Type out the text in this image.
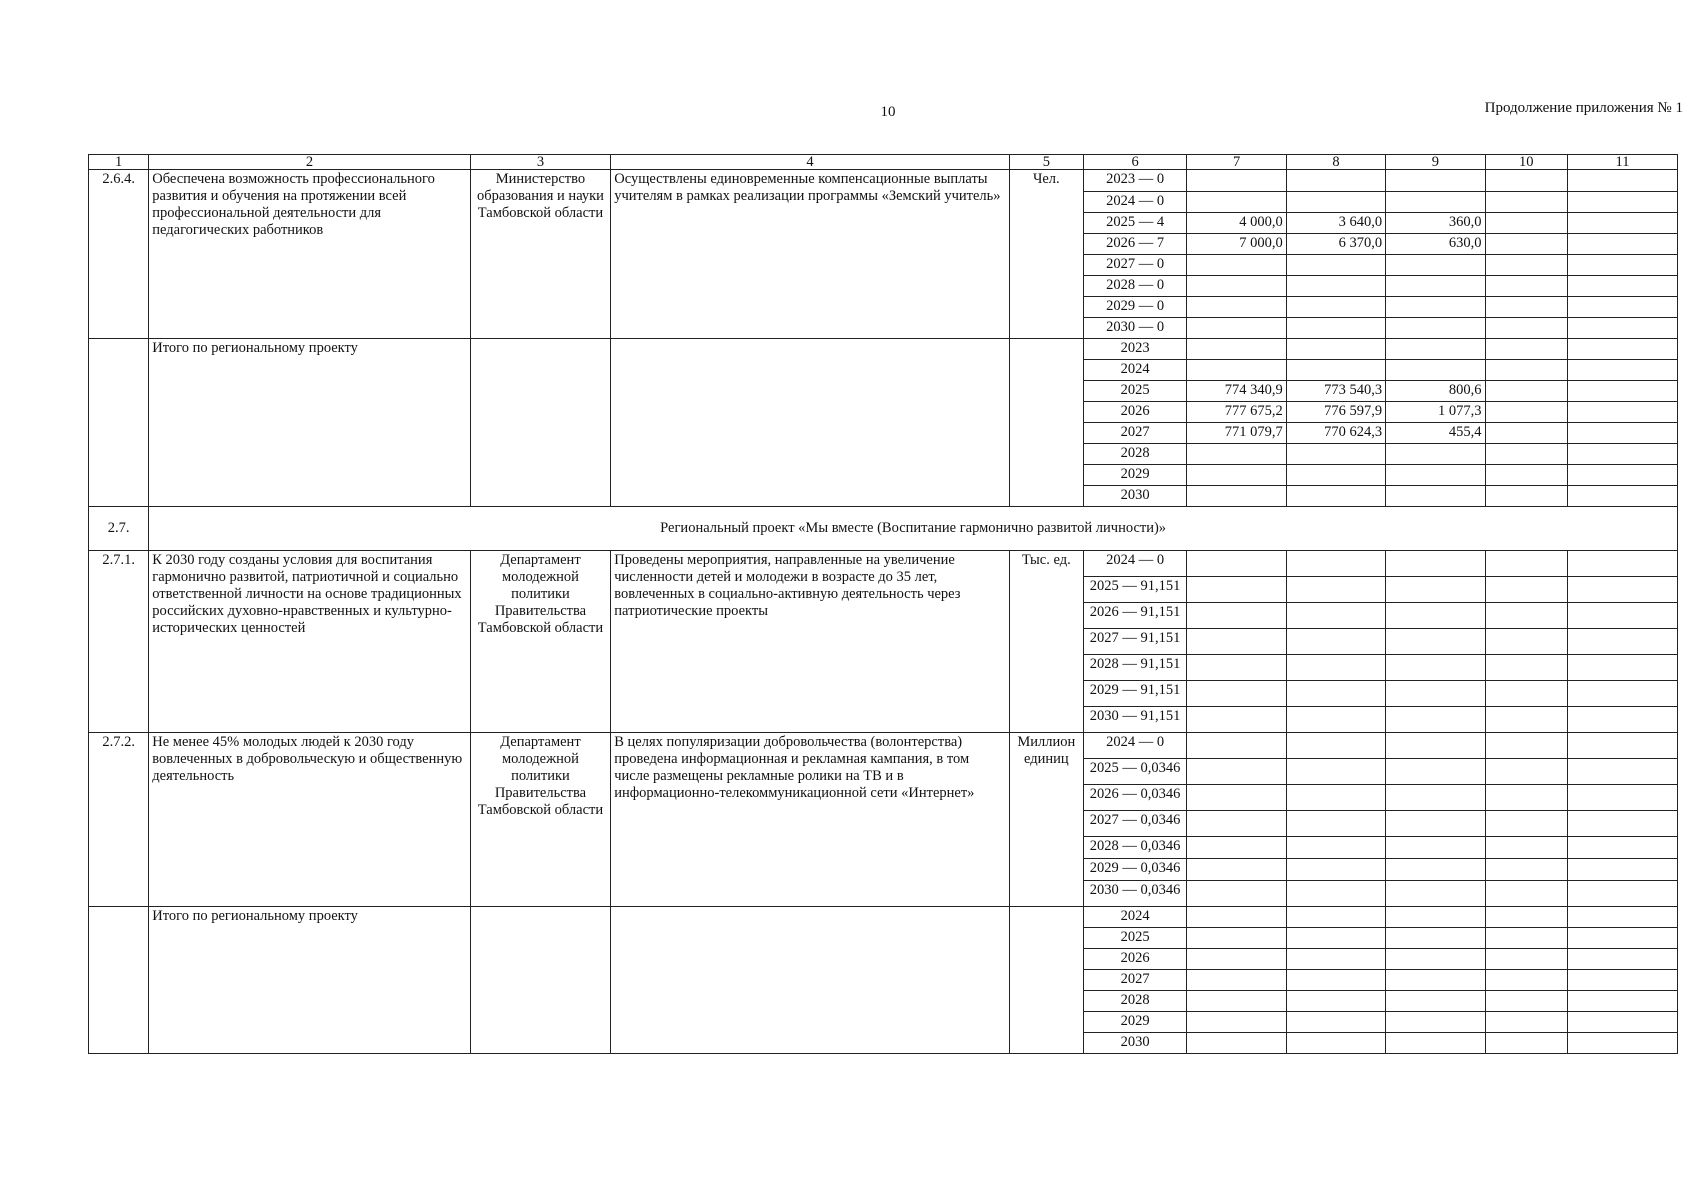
10	Продолжение приложения № 1
1	2	3	4	5	6	7	8	9	10	11
2.6.4.	Обеспечена возможность профессионального развития и обучения на протяжении всей профессиональной деятельности для педагогических работников	Министерство образования и науки Тамбовской области	Осуществлены единовременные компенсационные выплаты учителям в рамках реализации программы «Земский учитель»	Чел.	2023 — 0					
					2024 — 0					
					2025 — 4	4 000,0	3 640,0	360,0		
					2026 — 7	7 000,0	6 370,0	630,0		
					2027 — 0					
					2028 — 0					
					2029 — 0					
					2030 — 0					
	Итого по региональному проекту				2023					
					2024					
					2025	774 340,9	773 540,3	800,6		
					2026	777 675,2	776 597,9	1 077,3		
					2027	771 079,7	770 624,3	455,4		
					2028					
					2029					
					2030					
2.7.	Региональный проект «Мы вместе (Воспитание гармонично развитой личности)»									
2.7.1.	К 2030 году созданы условия для воспитания гармонично развитой, патриотичной и социально ответственной личности на основе традиционных российских духовно-нравственных и культурно-исторических ценностей	Департамент молодежной политики Правительства Тамбовской области	Проведены мероприятия, направленные на увеличение численности детей и молодежи в возрасте до 35 лет, вовлеченных в социально-активную деятельность через патриотические проекты	Тыс. ед.	2024 — 0					
					2025 — 91,151					
					2026 — 91,151					
					2027 — 91,151					
					2028 — 91,151					
					2029 — 91,151					
					2030 — 91,151					
2.7.2.	Не менее 45% молодых людей к 2030 году вовлеченных в добровольческую и общественную деятельность	Департамент молодежной политики Правительства Тамбовской области	В целях популяризации добровольчества (волонтерства) проведена информационная и рекламная кампания, в том числе размещены рекламные ролики на ТВ и в информационно-телекоммуникационной сети «Интернет»	Миллион единиц	2024 — 0					
					2025 — 0,0346					
					2026 — 0,0346					
					2027 — 0,0346					
					2028 — 0,0346					
					2029 — 0,0346					
					2030 — 0,0346					
	Итого по региональному проекту				2024					
					2025					
					2026					
					2027					
					2028					
					2029					
					2030					
